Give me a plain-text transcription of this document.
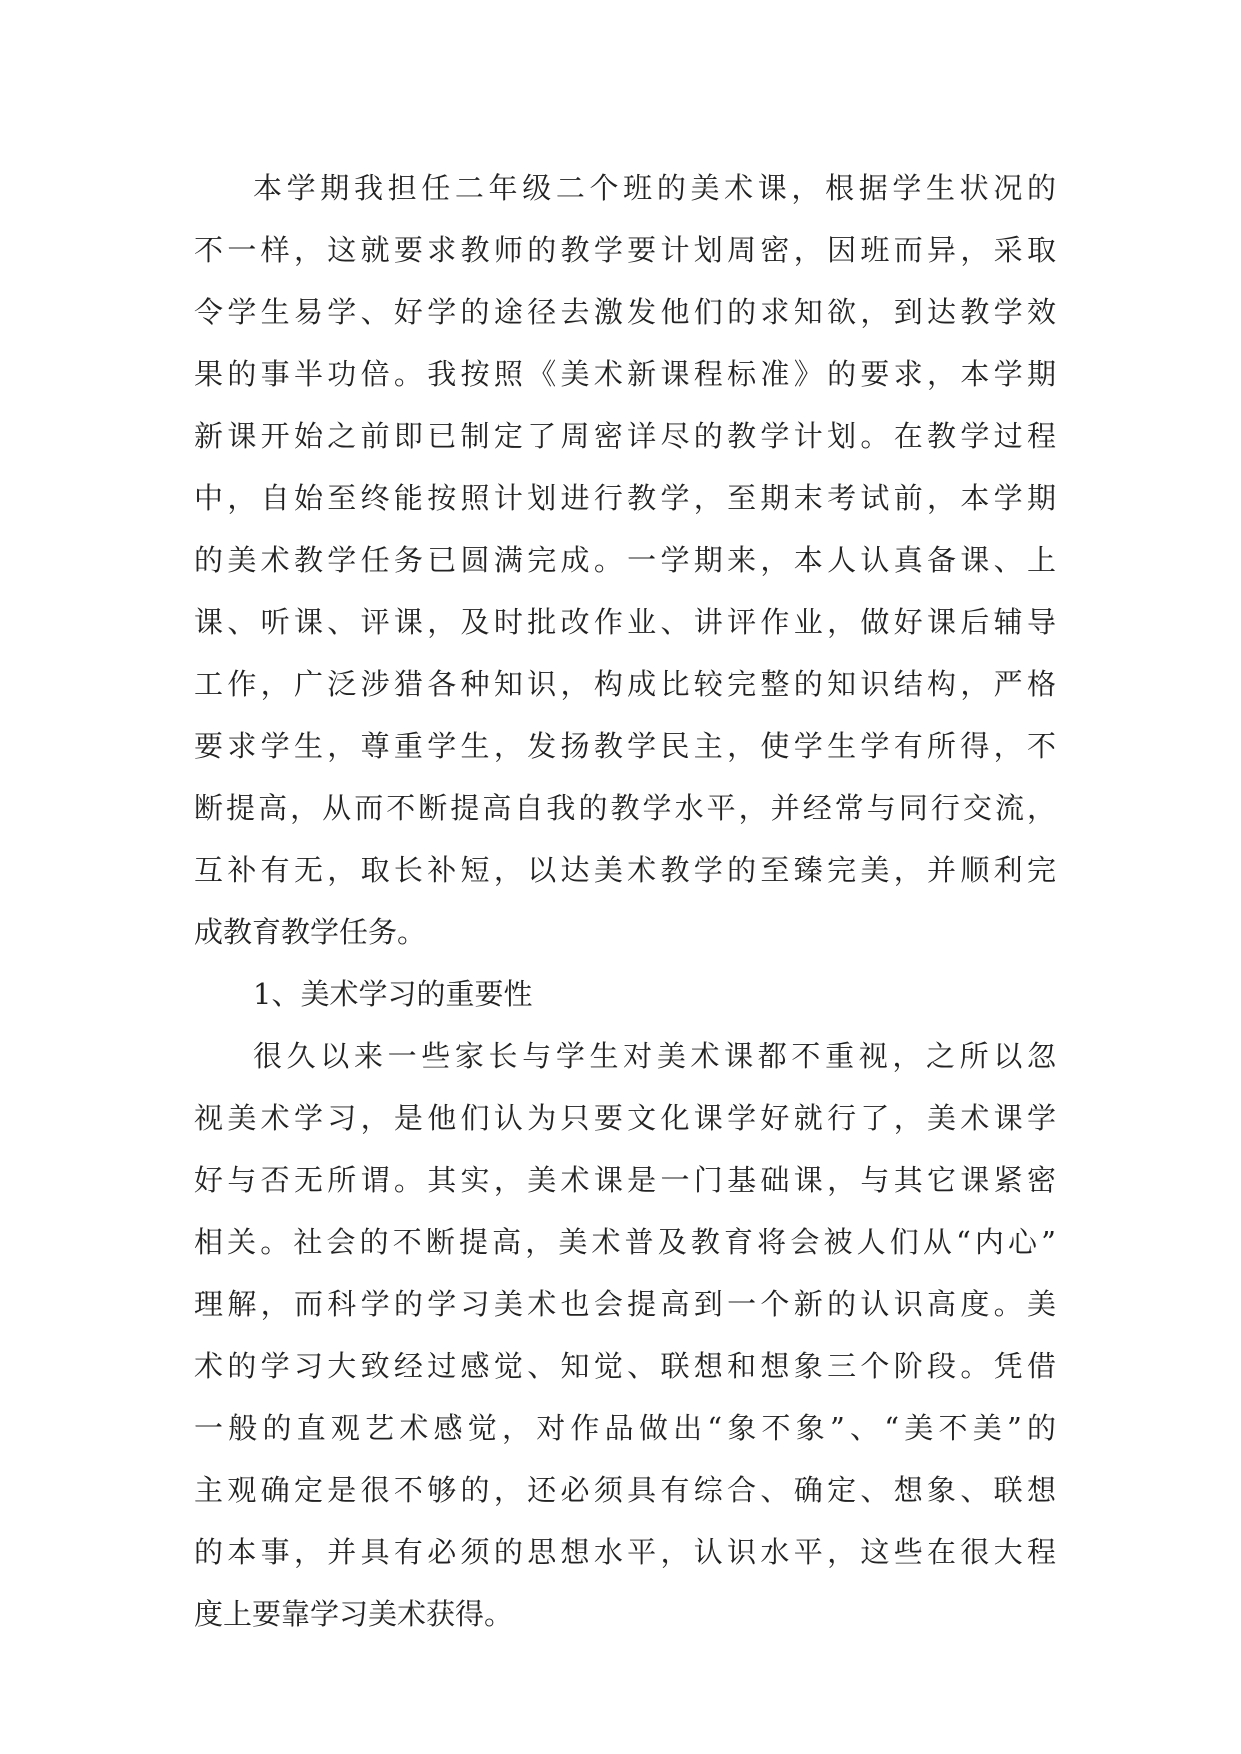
本学期我担任二年级二个班的美术课，根据学生状况的
不一样，这就要求教师的教学要计划周密，因班而异，采取
令学生易学、好学的途径去激发他们的求知欲，到达教学效
果的事半功倍。我按照《美术新课程标准》的要求，本学期
新课开始之前即已制定了周密详尽的教学计划。在教学过程
中，自始至终能按照计划进行教学，至期末考试前，本学期
的美术教学任务已圆满完成。一学期来，本人认真备课、上
课、听课、评课，及时批改作业、讲评作业，做好课后辅导
工作，广泛涉猎各种知识，构成比较完整的知识结构，严格
要求学生，尊重学生，发扬教学民主，使学生学有所得，不
断提高，从而不断提高自我的教学水平，并经常与同行交流，
互补有无，取长补短，以达美术教学的至臻完美，并顺利完
成教育教学任务。
1、美术学习的重要性
很久以来一些家长与学生对美术课都不重视，之所以忽
视美术学习，是他们认为只要文化课学好就行了，美术课学
好与否无所谓。其实，美术课是一门基础课，与其它课紧密
相关。社会的不断提高，美术普及教育将会被人们从“内心”
理解，而科学的学习美术也会提高到一个新的认识高度。美
术的学习大致经过感觉、知觉、联想和想象三个阶段。凭借
一般的直观艺术感觉，对作品做出“象不象”、“美不美”的
主观确定是很不够的，还必须具有综合、确定、想象、联想
的本事，并具有必须的思想水平，认识水平，这些在很大程
度上要靠学习美术获得。
